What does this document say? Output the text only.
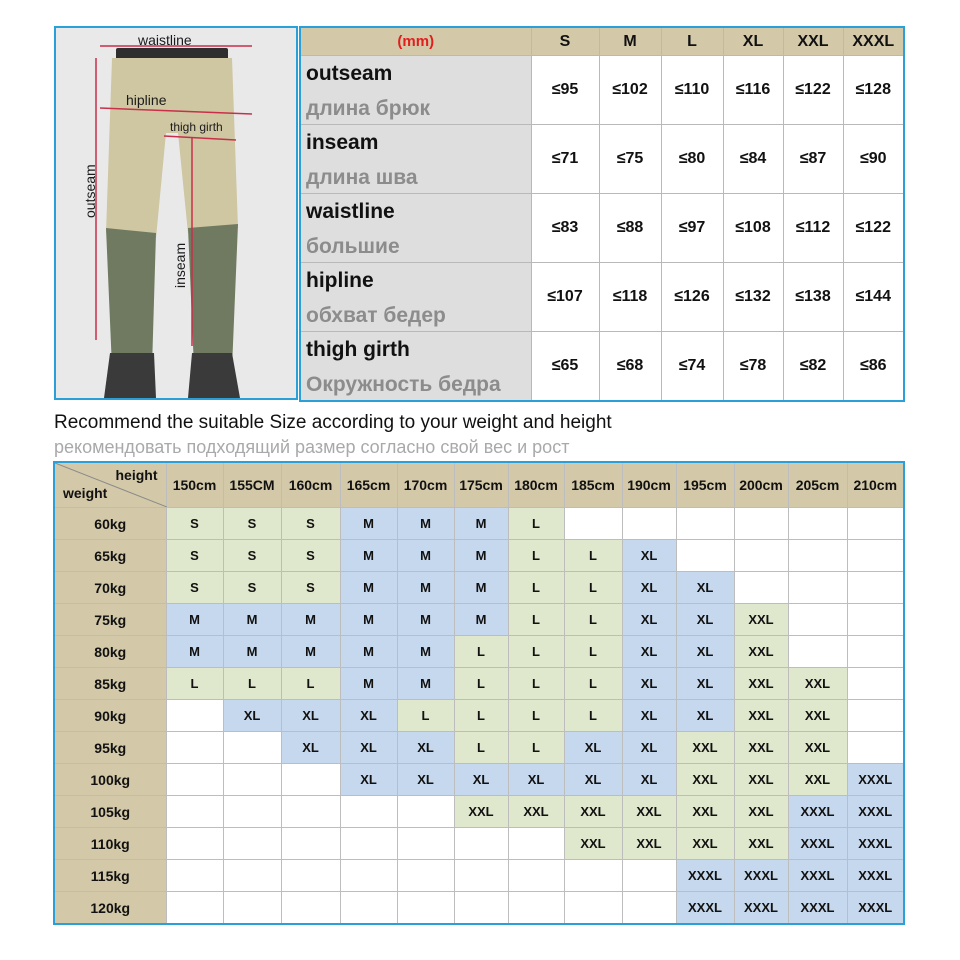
waistline
hipline
thigh girth
outseam
inseam
(mm)	S	M	L	XL	XXL	XXXL

outseam
длина брюк	≤95	≤102	≤110	≤116	≤122	≤128

inseam
длина шва	≤71	≤75	≤80	≤84	≤87	≤90

waistline
большие	≤83	≤88	≤97	≤108	≤112	≤122

hipline
обхват бедер	≤107	≤118	≤126	≤132	≤138	≤144

thigh girth
Окружность бедра	≤65	≤68	≤74	≤78	≤82	≤86
Recommend the suitable Size according to your weight and height
рекомендовать подходящий размер согласно свой вес и рост
height
weight	150cm	155CM	160cm	165cm	170cm	175cm	180cm	185cm	190cm	195cm	200cm	205cm	210cm
60kg	S	S	S	M	M	M	L						
65kg	S	S	S	M	M	M	L	L	XL				
70kg	S	S	S	M	M	M	L	L	XL	XL			
75kg	M	M	M	M	M	M	L	L	XL	XL	XXL		
80kg	M	M	M	M	M	L	L	L	XL	XL	XXL		
85kg	L	L	L	M	M	L	L	L	XL	XL	XXL	XXL	
90kg		XL	XL	XL	L	L	L	L	XL	XL	XXL	XXL	
95kg			XL	XL	XL	L	L	XL	XL	XXL	XXL	XXL	
100kg				XL	XL	XL	XL	XL	XL	XXL	XXL	XXL	XXXL
105kg						XXL	XXL	XXL	XXL	XXL	XXL	XXXL	XXXL
110kg								XXL	XXL	XXL	XXL	XXXL	XXXL
115kg										XXXL	XXXL	XXXL	XXXL
120kg										XXXL	XXXL	XXXL	XXXL
